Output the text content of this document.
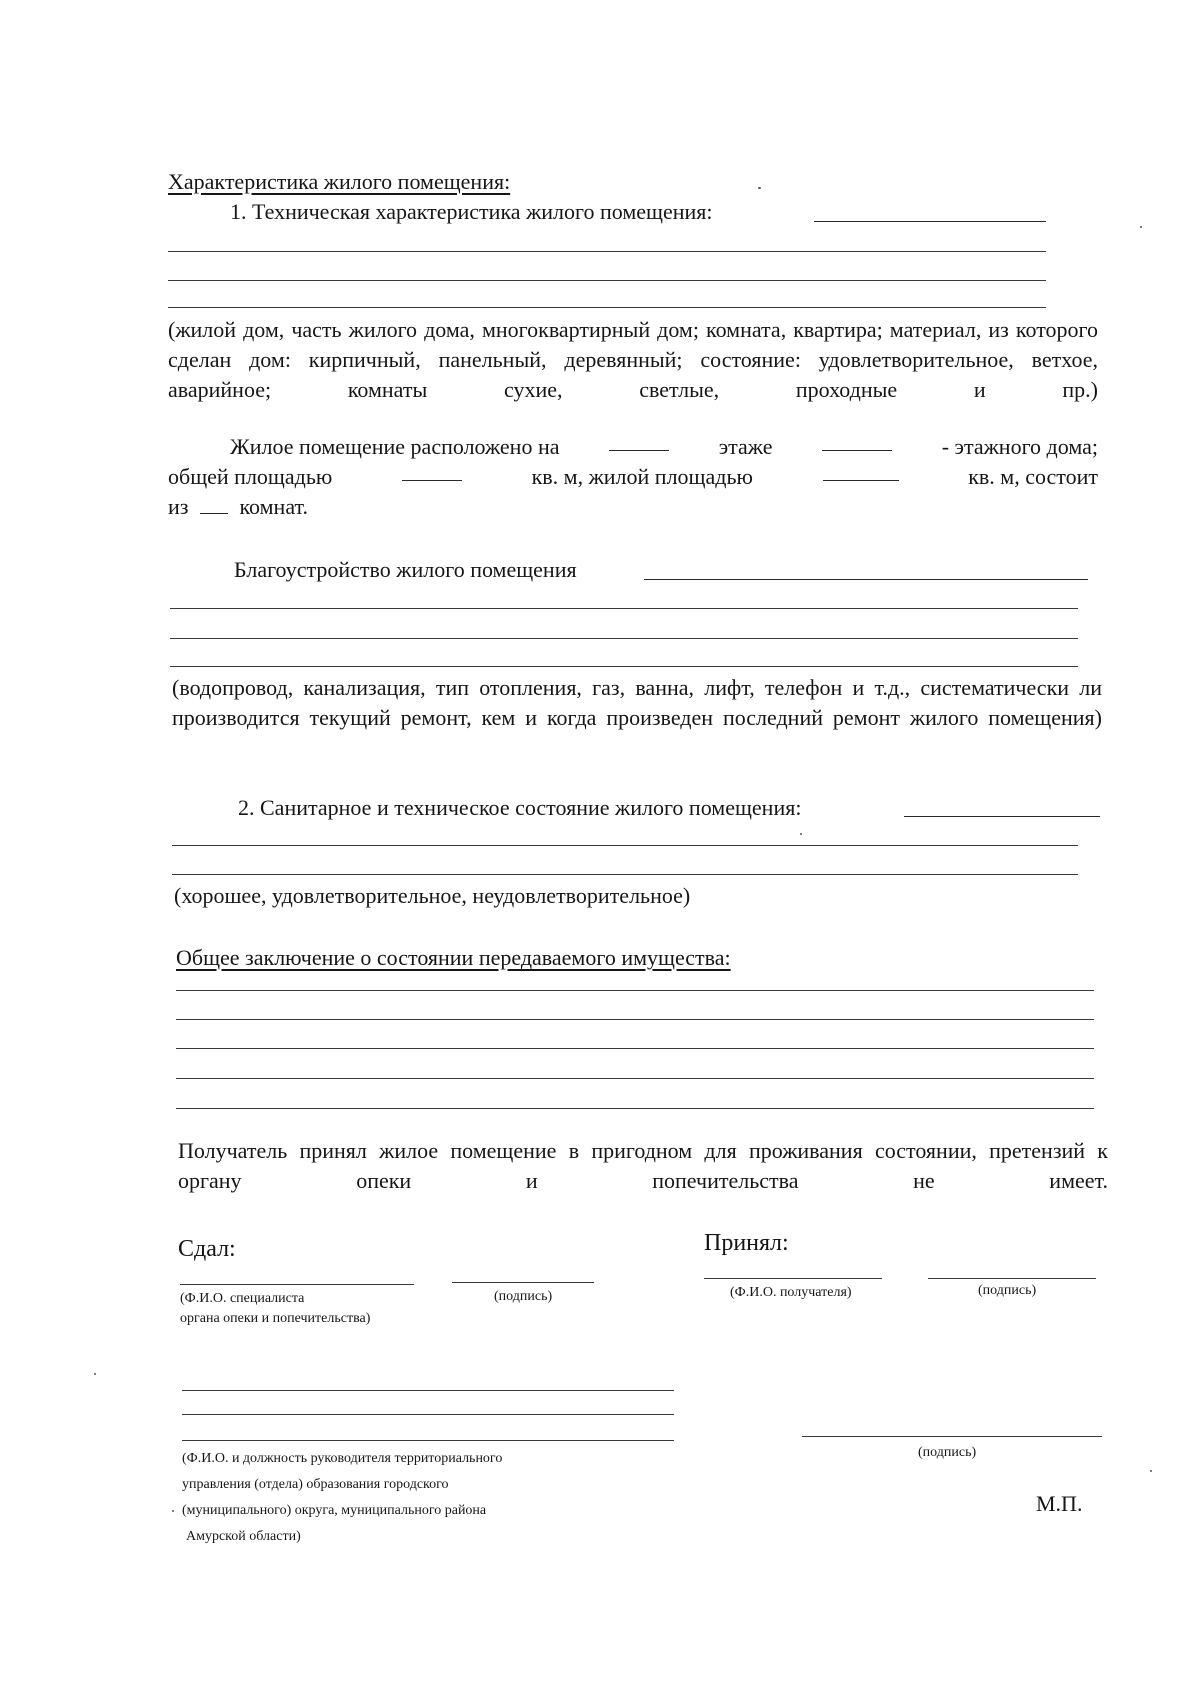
Характеристика жилого помещения:
1. Техническая характеристика жилого помещения:
(жилой дом, часть жилого дома, многоквартирный дом; комната, квартира; материал, из которого сделан дом: кирпичный, панельный, деревянный; состояние: удовлетворительное, ветхое, аварийное; комнаты сухие, светлые, проходные и пр.)
Жилое помещение расположено на	этаже	- этажного дома;
общей площадью	кв. м, жилой площадью	кв. м, состоит
из комнат.
Благоустройство жилого помещения
(водопровод, канализация, тип отопления, газ, ванна, лифт, телефон и т.д., систематически ли производится текущий ремонт, кем и когда произведен последний ремонт жилого помещения)
2. Санитарное и техническое состояние жилого помещения:
(хорошее, удовлетворительное, неудовлетворительное)
Общее заключение о состоянии передаваемого имущества:
Получатель принял жилое помещение в пригодном для проживания состоянии, претензий к органу опеки и попечительства не имеет.
Сдал:	Принял:
(Ф.И.О. специалиста
органа опеки и попечительства)
(подпись)	(Ф.И.О. получателя)	(подпись)
(Ф.И.О. и должность руководителя территориального
управления (отдела) образования городского
(муниципального) округа, муниципального района
Амурской области)
(подпись)
М.П.
